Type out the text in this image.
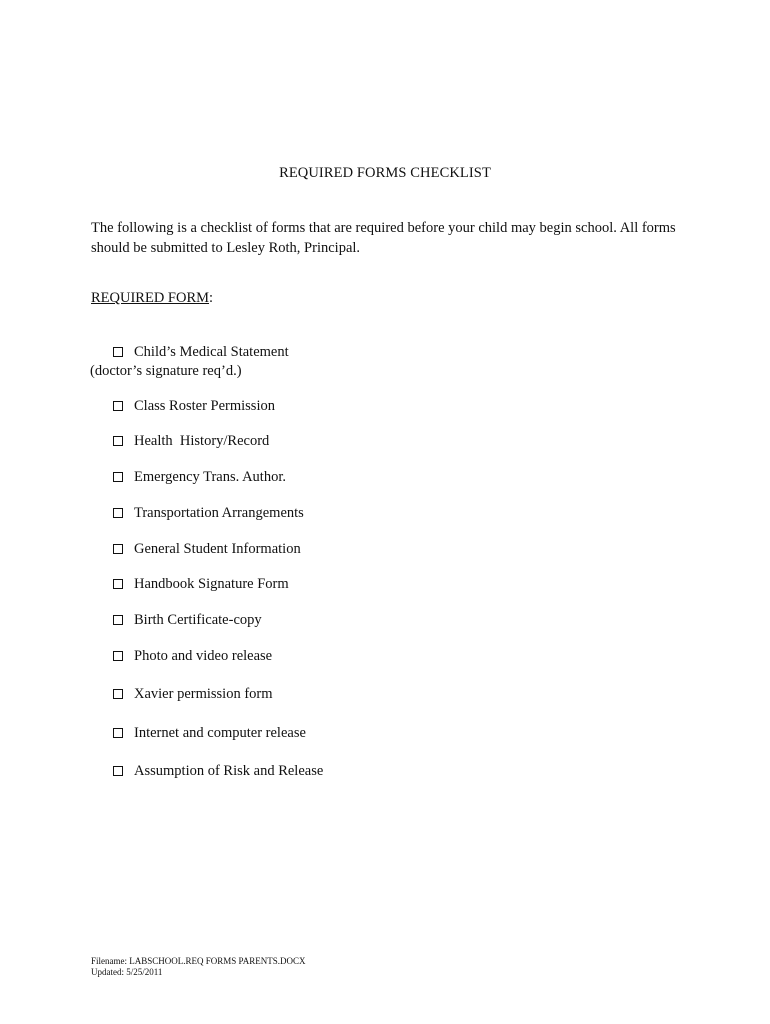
REQUIRED FORMS CHECKLIST
The following is a checklist of forms that are required before your child may begin school. All forms should be submitted to Lesley Roth, Principal.
REQUIRED FORM:
Child’s Medical Statement
(doctor’s signature req’d.)
Class Roster Permission
Health  History/Record
Emergency Trans. Author.
Transportation Arrangements
General Student Information
Handbook Signature Form
Birth Certificate-copy
Photo and video release
Xavier permission form
Internet and computer release
Assumption of Risk and Release
Filename: LABSCHOOL.REQ FORMS PARENTS.DOCX
Updated: 5/25/2011
